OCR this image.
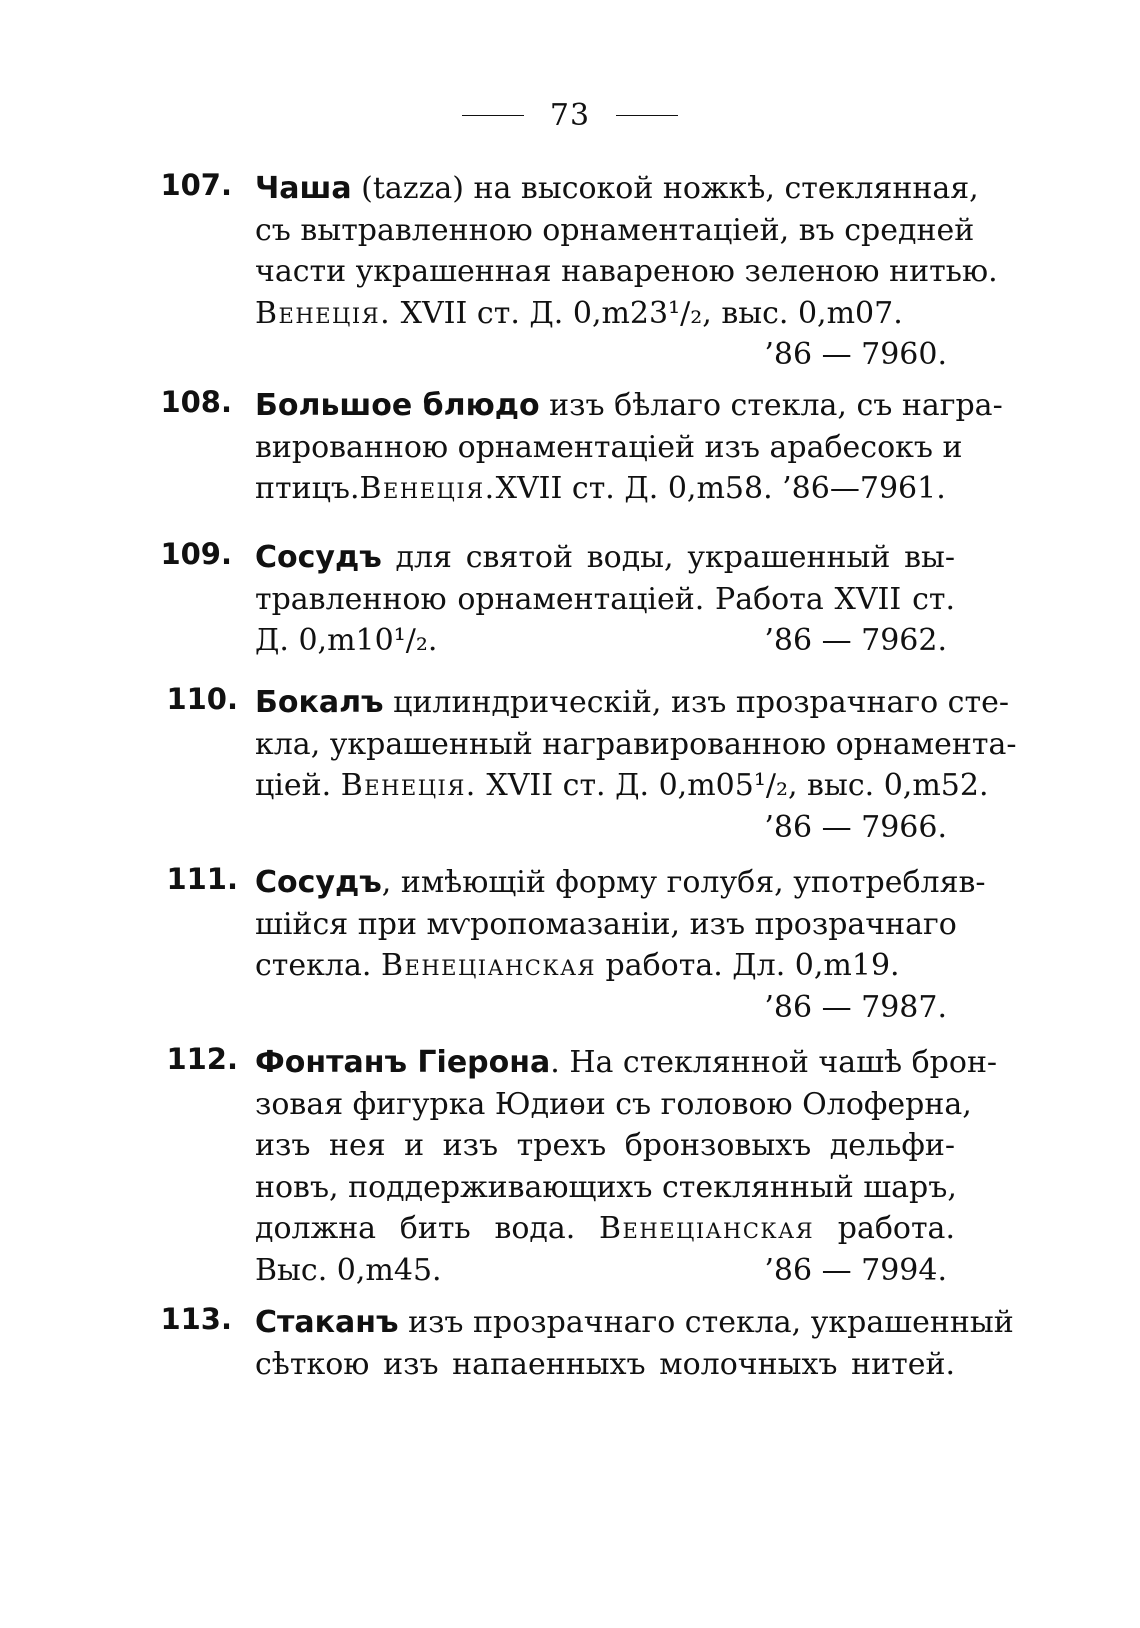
73
107. Чаша (tazza) на высокой ножкѣ, стеклянная,
съ вытравленною орнаментаціей, въ средней
части украшенная навареною зеленою нитью.
Венеція. XVII ст. Д. 0,m23¹/₂, выс. 0,m07.
’86 — 7960.
108. Большое блюдо изъ бѣлаго стекла, съ награ-
вированною орнаментаціей изъ арабесокъ и
птицъ.Венеція.XVII ст. Д. 0,m58. ’86—7961.
109. Сосудъ для святой воды, украшенный вы-
травленною орнаментаціей. Работа XVII ст.
Д. 0,m10¹/₂.	’86 — 7962.
110. Бокалъ цилиндрическій, изъ прозрачнаго сте-
кла, украшенный награвированною орнамента-
ціей. Венеція. XVII ст. Д. 0,m05¹/₂, выс. 0,m52.
’86 — 7966.
111. Сосудъ, имѣющій форму голубя, употребляв-
шійся при мѵропомазаніи, изъ прозрачнаго
стекла. Венеціанская работа. Дл. 0,m19.
’86 — 7987.
112. Фонтанъ Гіерона. На стеклянной чашѣ брон-
зовая фигурка Юдиѳи съ головою Олоферна,
изъ нея и изъ трехъ бронзовыхъ дельфи-
новъ, поддерживающихъ стеклянный шаръ,
должна бить вода. Венеціанская работа.
Выс. 0,m45.	’86 — 7994.
113. Стаканъ изъ прозрачнаго стекла, украшенный
сѣткою изъ напаенныхъ молочныхъ нитей.
